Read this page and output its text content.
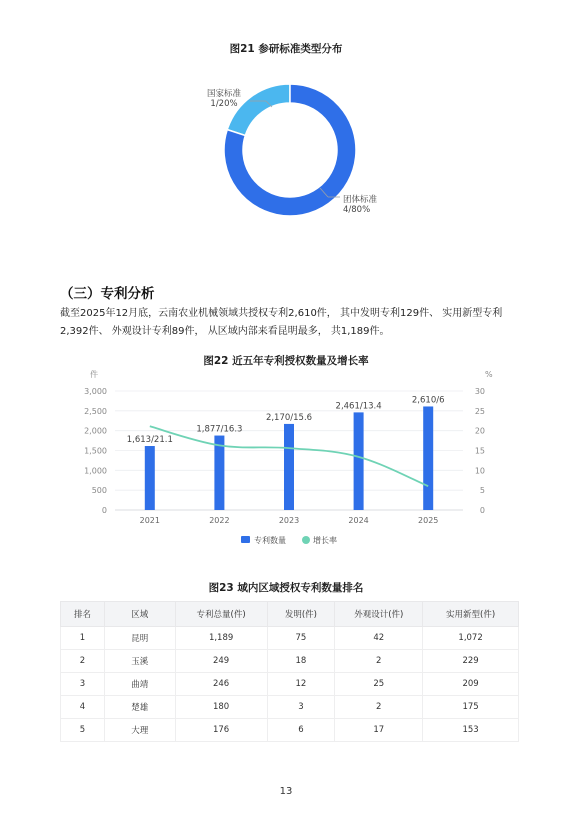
图21 参研标准类型分布
国家标准
1/20%
团体标准
4/80%
（三）专利分析
截至2025年12月底，云南农业机械领域共授权专利2,610件， 其中发明专利129件、 实用新型专利2,392件、 外观设计专利89件， 从区域内部来看昆明最多， 共1,189件。
图22 近五年专利授权数量及增长率
0	0
500	5
1,000	10
1,500	15
2,000	20
2,500	25
3,000	30
2021
1,613/21.1
2022
1,877/16.3
2023
2,170/15.6
2024
2,461/13.4
2025
2,610/6
件	%
专利数量	增长率
图23 域内区域授权专利数量排名
排名	区域	专利总量(件)	发明(件)	外观设计(件)	实用新型(件)
1	昆明	1,189	75	42	1,072
2	玉溪	249	18	2	229
3	曲靖	246	12	25	209
4	楚雄	180	3	2	175
5	大理	176	6	17	153
13
